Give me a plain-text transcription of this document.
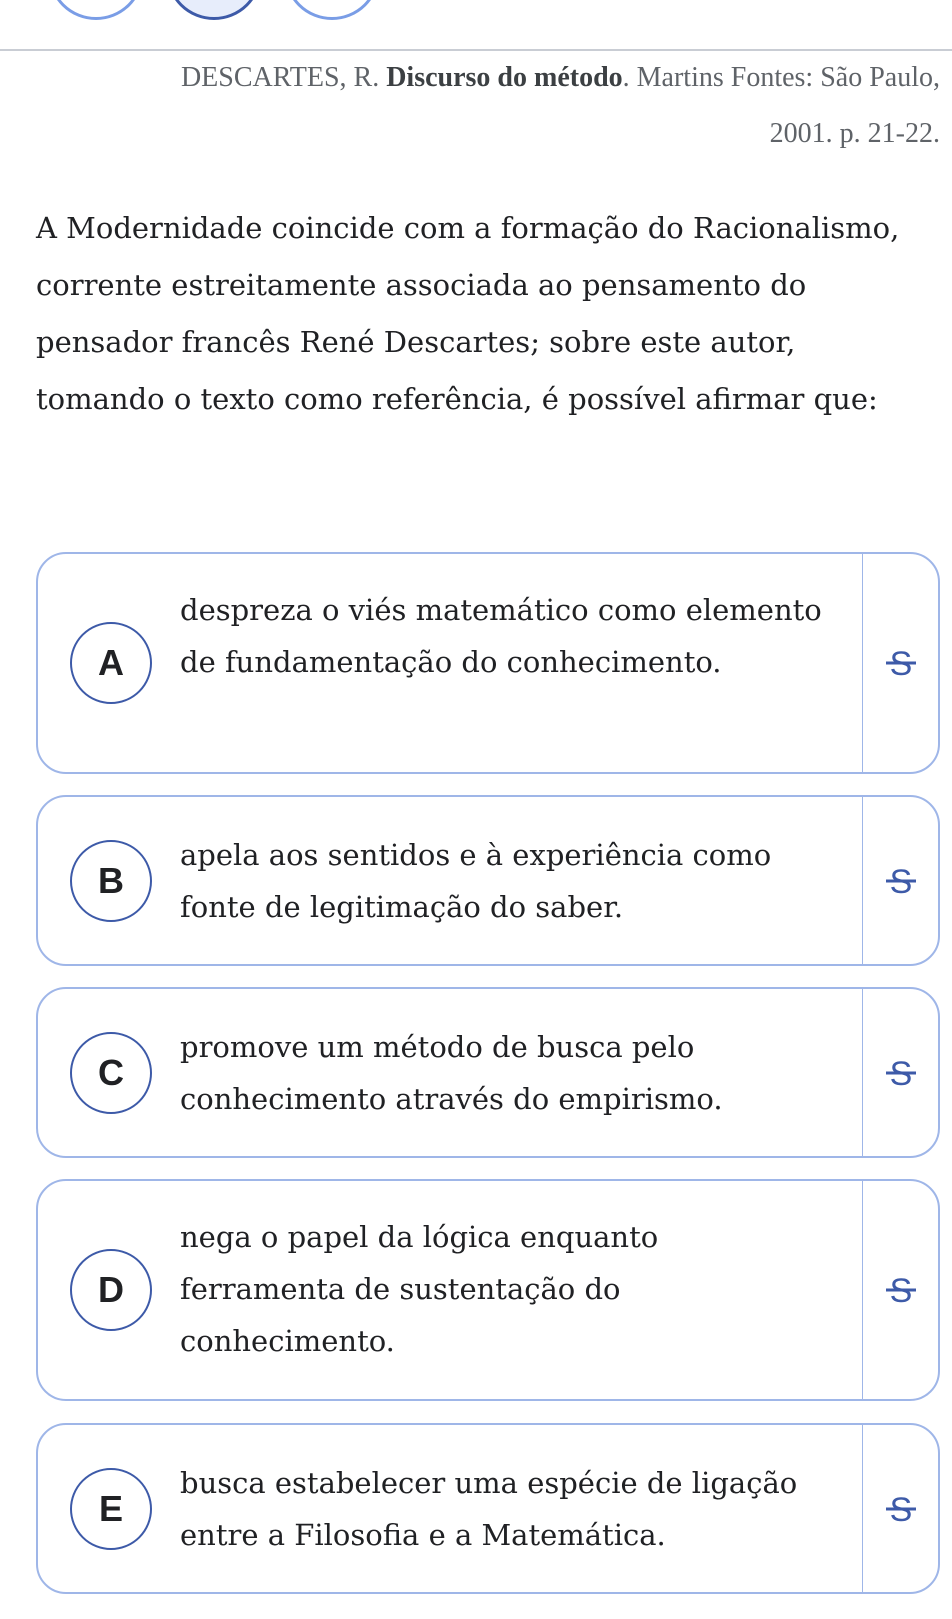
DESCARTES, R. Discurso do método. Martins Fontes: São Paulo, 2001. p. 21-22.
A Modernidade coincide com a formação do Racionalismo, corrente estreitamente associada ao pensamento do pensador francês René Descartes; sobre este autor, tomando o texto como referência, é possível afirmar que:
A
despreza o viés matemático como elemento de fundamentação do conhecimento.	S
B
apela aos sentidos e à experiência como fonte de legitimação do saber.
S
C
promove um método de busca pelo conhecimento através do empirismo.
S
D
nega o papel da lógica enquanto ferramenta de sustentação do conhecimento.
S
E
busca estabelecer uma espécie de ligação entre a Filosofia e a Matemática.
S
